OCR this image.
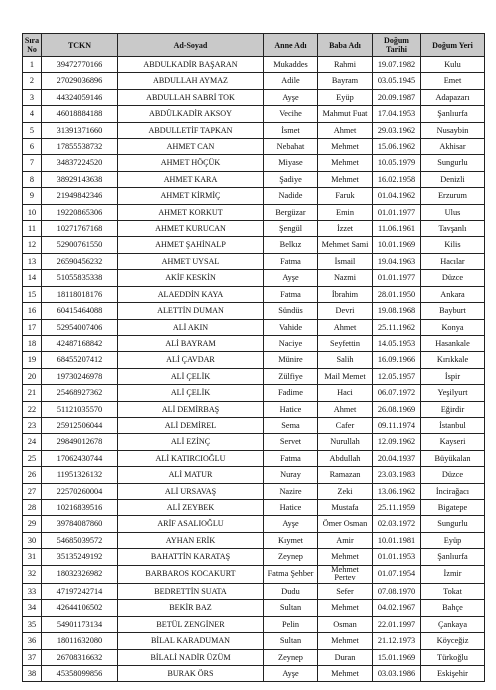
Sıra
No	TCKN	Ad-Soyad	Anne Adı	Baba Adı	Doğum
Tarihi	Doğum Yeri
1	39472770166	ABDULKADİR BAŞARAN	Mukaddes	Rahmi	19.07.1982	Kulu
2	27029036896	ABDULLAH AYMAZ	Adile	Bayram	03.05.1945	Emet
3	44324059146	ABDULLAH SABRİ TOK	Ayşe	Eyüp	20.09.1987	Adapazarı
4	46018884188	ABDÜLKADİR AKSOY	Vecihe	Mahmut Fuat	17.04.1953	Şanlıurfa
5	31391371660	ABDULLETİF TAPKAN	İsmet	Ahmet	29.03.1962	Nusaybin
6	17855538732	AHMET CAN	Nebahat	Mehmet	15.06.1962	Akhisar
7	34837224520	AHMET HÖÇÜK	Miyase	Mehmet	10.05.1979	Sungurlu
8	38929143638	AHMET KARA	Şadiye	Mehmet	16.02.1958	Denizli
9	21949842346	AHMET KİRMİÇ	Nadide	Faruk	01.04.1962	Erzurum
10	19220865306	AHMET KORKUT	Bergüzar	Emin	01.01.1977	Ulus
11	10271767168	AHMET KURUCAN	Şengül	İzzet	11.06.1961	Tavşanlı
12	52900761550	AHMET ŞAHİNALP	Belkız	Mehmet Sami	10.01.1969	Kilis
13	26590456232	AHMET UYSAL	Fatma	İsmail	19.04.1963	Hacılar
14	51055835338	AKİF KESKİN	Ayşe	Nazmi	01.01.1977	Düzce
15	18118018176	ALAEDDİN KAYA	Fatma	İbrahim	28.01.1950	Ankara
16	60415464088	ALETTİN DUMAN	Sündüs	Devri	19.08.1968	Bayburt
17	52954007406	ALİ AKIN	Vahide	Ahmet	25.11.1962	Konya
18	42487168842	ALİ BAYRAM	Naciye	Seyfettin	14.05.1953	Hasankale
19	68455207412	ALİ ÇAVDAR	Münire	Salih	16.09.1966	Kırıkkale
20	19730246978	ALİ ÇELİK	Zülfiye	Mail Memet	12.05.1957	İspir
21	25468927362	ALİ ÇELİK	Fadime	Haci	06.07.1972	Yeşilyurt
22	51121035570	ALİ DEMİRBAŞ	Hatice	Ahmet	26.08.1969	Eğirdir
23	25912506044	ALİ DEMİREL	Sema	Cafer	09.11.1974	İstanbul
24	29849012678	ALİ EZİNÇ	Servet	Nurullah	12.09.1962	Kayseri
25	17062430744	ALİ KATIRCIOĞLU	Fatma	Abdullah	20.04.1937	Büyükalan
26	11951326132	ALİ MATUR	Nuray	Ramazan	23.03.1983	Düzce
27	22570260004	ALİ URSAVAŞ	Nazire	Zeki	13.06.1962	İnciraǧacı
28	10216839516	ALİ ZEYBEK	Hatice	Mustafa	25.11.1959	Bigatepe
29	39784087860	ARİF ASALIOĞLU	Ayşe	Ömer Osman	02.03.1972	Sungurlu
30	54685039572	AYHAN ERİK	Kıymet	Amir	10.01.1981	Eyüp
31	35135249192	BAHATTİN KARATAŞ	Zeynep	Mehmet	01.01.1953	Şanlıurfa
32	18032326982	BARBAROS KOCAKURT	Fatma Şehber	Mehmet
Pertev	01.07.1954	İzmir
33	47197242714	BEDRETTİN SUATA	Dudu	Sefer	07.08.1970	Tokat
34	42644106502	BEKİR BAZ	Sultan	Mehmet	04.02.1967	Bahçe
35	54901173134	BETÜL ZENGİNER	Pelin	Osman	22.01.1997	Çankaya
36	18011632080	BİLAL KARADUMAN	Sultan	Mehmet	21.12.1973	Köyceğiz
37	26708316632	BİLALİ NADİR ÜZÜM	Zeynep	Duran	15.01.1969	Türkoğlu
38	45358099856	BURAK ÖRS	Ayşe	Mehmet	03.03.1986	Eskişehir
